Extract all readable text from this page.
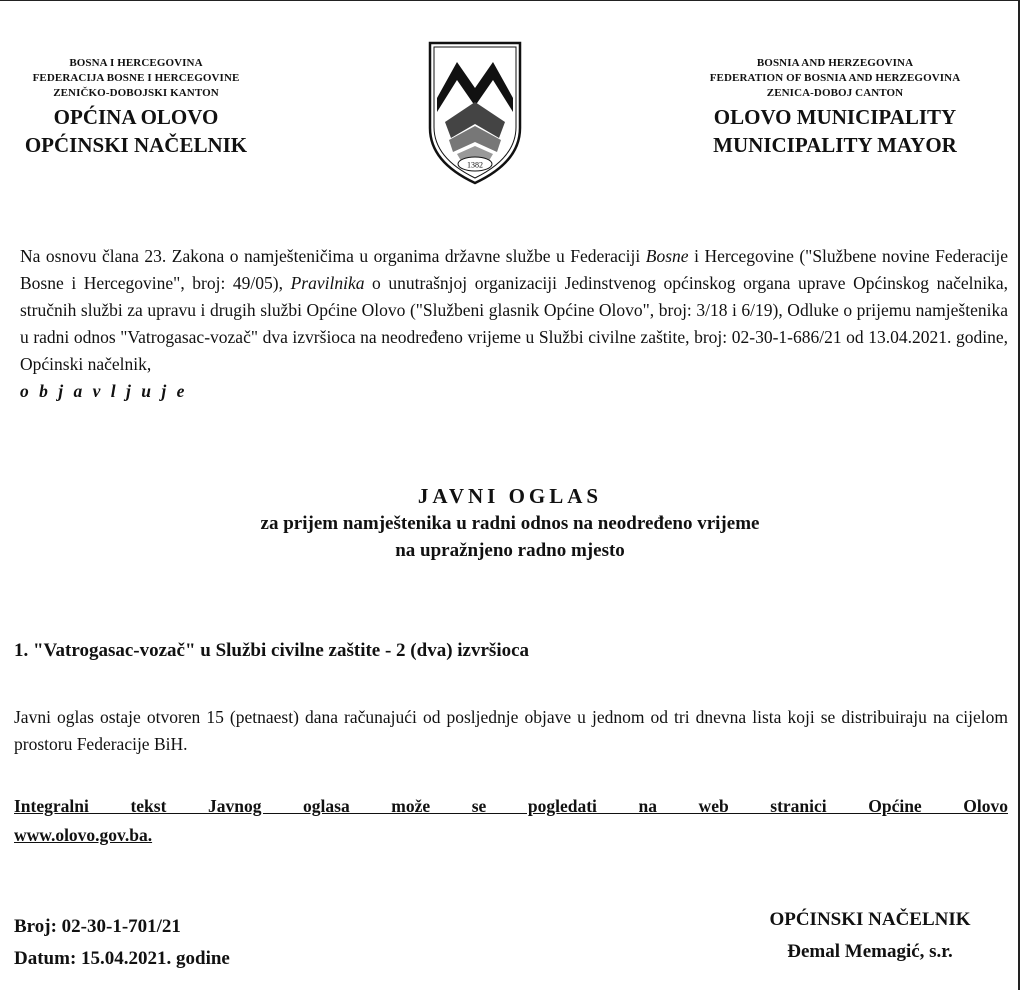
BOSNA I HERCEGOVINA
FEDERACIJA BOSNE I HERCEGOVINE
ZENIČKO-DOBOJSKI KANTON
OPĆINA OLOVO
OPĆINSKI NAČELNIK
1382
BOSNIA AND HERZEGOVINA
FEDERATION OF BOSNIA AND HERZEGOVINA
ZENICA-DOBOJ CANTON
OLOVO MUNICIPALITY
MUNICIPALITY MAYOR
Na osnovu člana 23. Zakona o namješteničima u organima državne službe u Federaciji Bosne i Hercegovine ("Službene novine Federacije Bosne i Hercegovine", broj: 49/05), Pravilnika o unutrašnjoj organizaciji Jedinstvenog općinskog organa uprave Općinskog načelnika, stručnih službi za upravu i drugih službi Općine Olovo ("Službeni glasnik Općine Olovo", broj: 3/18 i 6/19), Odluke o prijemu namještenika u radni odnos "Vatrogasac-vozač" dva izvršioca na neodređeno vrijeme u Službi civilne zaštite, broj: 02-30-1-686/21 od 13.04.2021. godine, Općinski načelnik,
o b j a v l j u j e
JAVNI OGLAS
za prijem namještenika u radni odnos na neodređeno vrijeme
na upražnjeno radno mjesto
1. "Vatrogasac-vozač" u Službi civilne zaštite - 2 (dva) izvršioca
Javni oglas ostaje otvoren 15 (petnaest) dana računajući od posljednje objave u jednom od tri dnevna lista koji se distribuiraju na cijelom prostoru Federacije BiH.
Integralni tekst Javnog oglasa može se pogledati na web stranici Općine Olovo
www.olovo.gov.ba.
Broj: 02-30-1-701/21
Datum: 15.04.2021. godine
OPĆINSKI NAČELNIK
Đemal Memagić, s.r.
